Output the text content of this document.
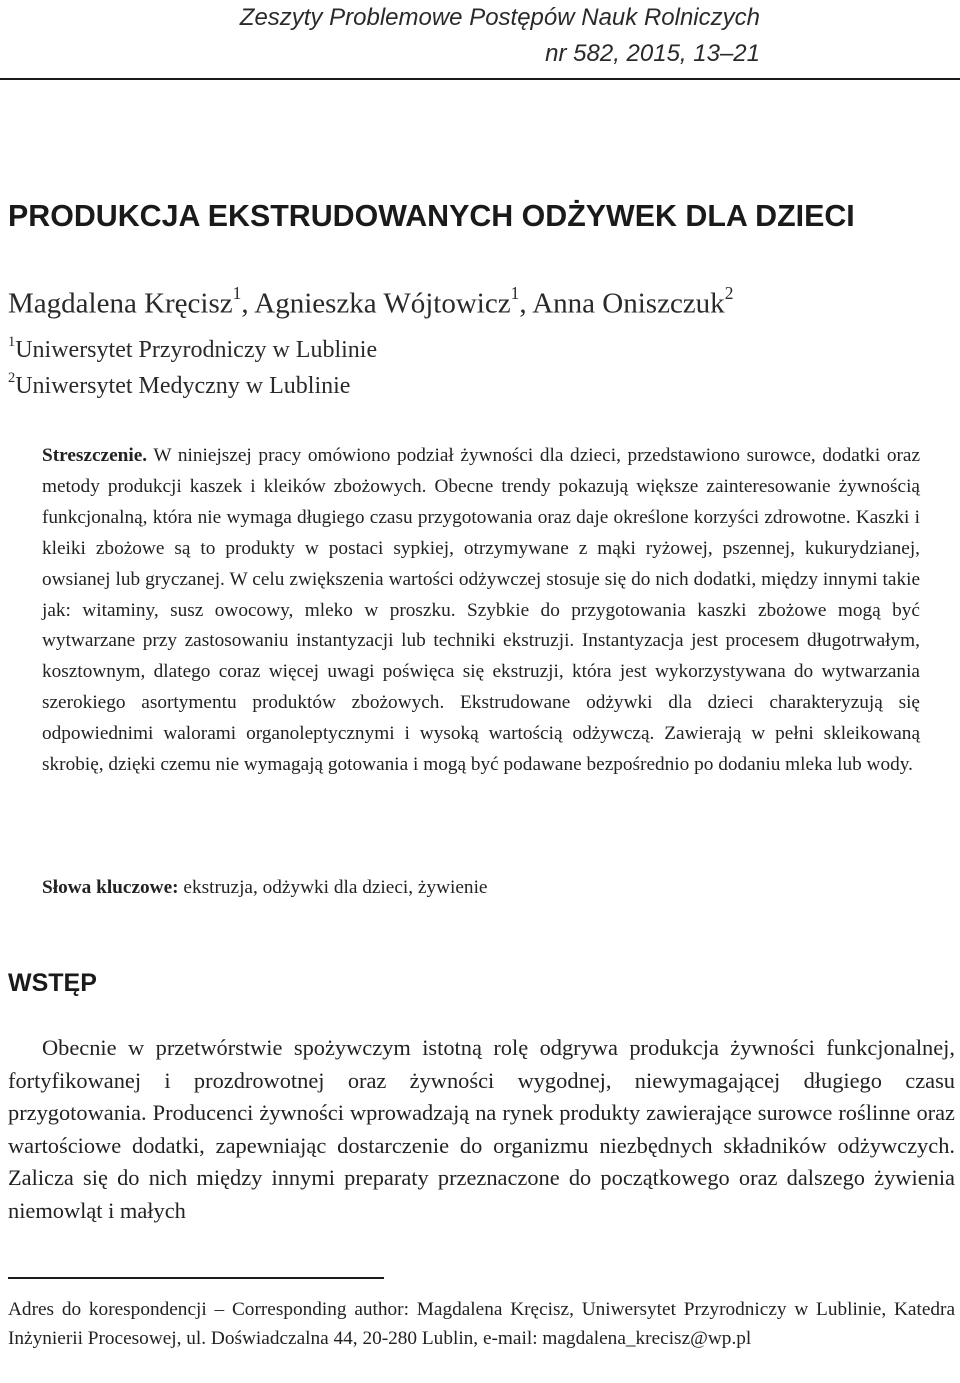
Zeszyty Problemowe Postępów Nauk Rolniczych
nr 582, 2015, 13–21
PRODUKCJA EKSTRUDOWANYCH ODŻYWEK DLA DZIECI
Magdalena Kręcisz$^1$, Agnieszka Wójtowicz$^1$, Anna Oniszczuk$^2$
$^1$Uniwersytet Przyrodniczy w Lublinie
$^2$Uniwersytet Medyczny w Lublinie
Streszczenie. W niniejszej pracy omówiono podział żywności dla dzieci, przedstawiono surowce, dodatki oraz metody produkcji kaszek i kleików zbożowych. Obecne trendy pokazują większe zainteresowanie żywnością funkcjonalną, która nie wymaga długiego czasu przygotowania oraz daje określone korzyści zdrowotne. Kaszki i kleiki zbożowe są to produkty w postaci sypkiej, otrzymywane z mąki ryżowej, pszennej, kukurydzianej, owsianej lub gryczanej. W celu zwiększenia wartości odżywczej stosuje się do nich dodatki, między innymi takie jak: witaminy, susz owocowy, mleko w proszku. Szybkie do przygotowania kaszki zbożowe mogą być wytwarzane przy zastosowaniu instantyzacji lub techniki ekstruzji. Instantyzacja jest procesem długotrwałym, kosztownym, dlatego coraz więcej uwagi poświęca się ekstruzji, która jest wykorzystywana do wytwarzania szerokiego asortymentu produktów zbożowych. Ekstrudowane odżywki dla dzieci charakteryzują się odpowiednimi walorami organoleptycznymi i wysoką wartością odżywczą. Zawierają w pełni skleikowaną skrobię, dzięki czemu nie wymagają gotowania i mogą być podawane bezpośrednio po dodaniu mleka lub wody.
Słowa kluczowe: ekstruzja, odżywki dla dzieci, żywienie
WSTĘP
Obecnie w przetwórstwie spożywczym istotną rolę odgrywa produkcja żywności funkcjonalnej, fortyfikowanej i prozdrowotnej oraz żywności wygodnej, niewymagającej długiego czasu przygotowania. Producenci żywności wprowadzają na rynek produkty zawierające surowce roślinne oraz wartościowe dodatki, zapewniając dostarczenie do organizmu niezbędnych składników odżywczych. Zalicza się do nich między innymi preparaty przeznaczone do początkowego oraz dalszego żywienia niemowląt i małych
Adres do korespondencji – Corresponding author: Magdalena Kręcisz, Uniwersytet Przyrodniczy w Lublinie, Katedra Inżynierii Procesowej, ul. Doświadczalna 44, 20-280 Lublin, e-mail: magdalena_krecisz@wp.pl
